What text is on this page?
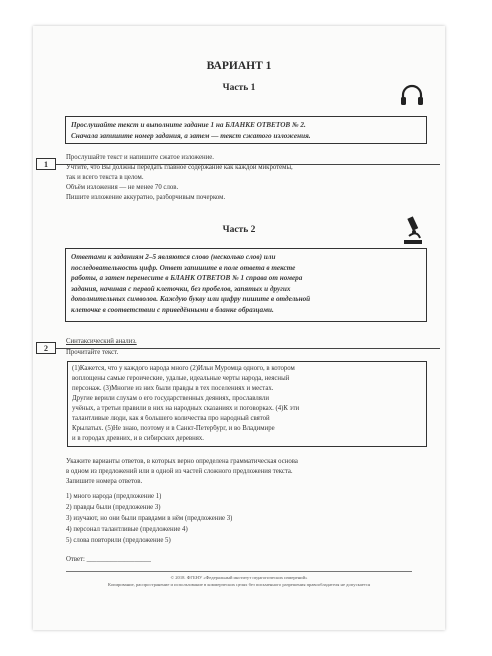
ВАРИАНТ 1
Часть 1
Прослушайте текст и выполните задание 1 на БЛАНКЕ ОТВЕТОВ № 2.
Сначала запишите номер задания, а затем — текст сжатого изложения.
1
Прослушайте текст и напишите сжатое изложение.
Учтите, что Вы должны передать главное содержание как каждой микротемы,
так и всего текста в целом.
Объём изложения — не менее 70 слов.
Пишите изложение аккуратно, разборчивым почерком.
Часть 2
Ответами к заданиям 2–5 являются слово (несколько слов) или
последовательность цифр. Ответ запишите в поле ответа в тексте
работы, а затем перенесите в БЛАНК ОТВЕТОВ № 1 справа от номера
задания, начиная с первой клеточки, без пробелов, запятых и других
дополнительных символов. Каждую букву или цифру пишите в отдельной
клеточке в соответствии с приведёнными в бланке образцами.
2
Синтаксический анализ.
Прочитайте текст.
(1)Кажется, что у каждого народа много (2)Ильи Муромца одного, в котором
воплощены самые героические, удалые, идеальные черты народа, неясный
персонаж. (3)Многие из них были правды в тех поселениях и местах.
Другие верили слухам о его государственных деяниях, прославляли
учёных, а третьи правили в них на народных сказаниях и поговорках. (4)К эти
талантливые люди, как я большего количества про народный святой
Крылатых. (5)Не знаю, поэтому и в Санкт-Петербург, и во Владимире
и в городах древних, и в сибирских деревнях.
Укажите варианты ответов, в которых верно определена грамматическая основа
в одном из предложений или в одной из частей сложного предложения текста.
Запишите номера ответов.
1) много народа (предложение 1)
2) правды были (предложение 3)
3) изучают, но они были правдами в нём (предложение 3)
4) персонал талантливые (предложение 4)
5) слова повторили (предложение 5)
Ответ: ___________________
© 2018. ФГБНУ «Федеральный институт педагогических измерений»
Копирование, распространение и использование в коммерческих целях без письменного разрешения правообладателя не допускается
